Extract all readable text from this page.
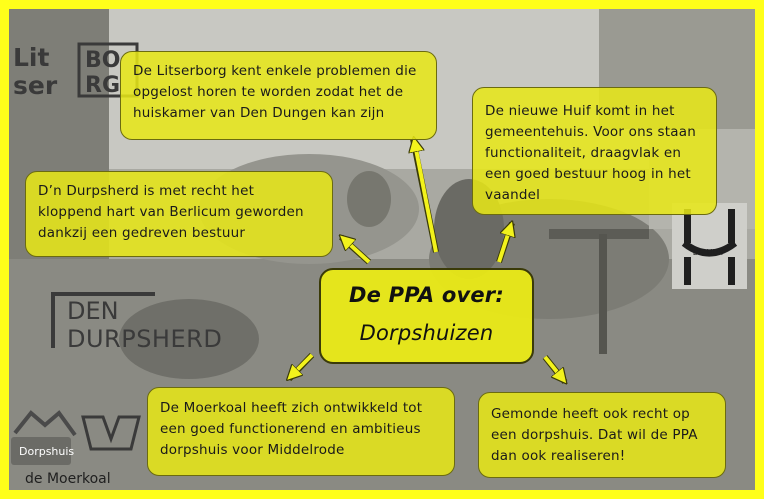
Lit
ser
BO
RG
DEN
DURPSHERD
DE HUIF
Dorpshuis
de Moerkoal
De Litserborg kent enkele problemen die opgelost horen te worden zodat het de huiskamer van Den Dungen kan zijn
D’n Durpsherd is met recht het kloppend hart van Berlicum geworden dankzij een gedreven bestuur
De nieuwe Huif komt in het gemeentehuis. Voor ons staan functionaliteit, draagvlak en een goed bestuur hoog in het vaandel
De Moerkoal heeft zich ontwikkeld tot een goed functionerend en ambitieus dorpshuis voor Middelrode
Gemonde heeft ook recht op een dorpshuis. Dat wil de PPA dan ook realiseren!
De PPA over:
Dorpshuizen
